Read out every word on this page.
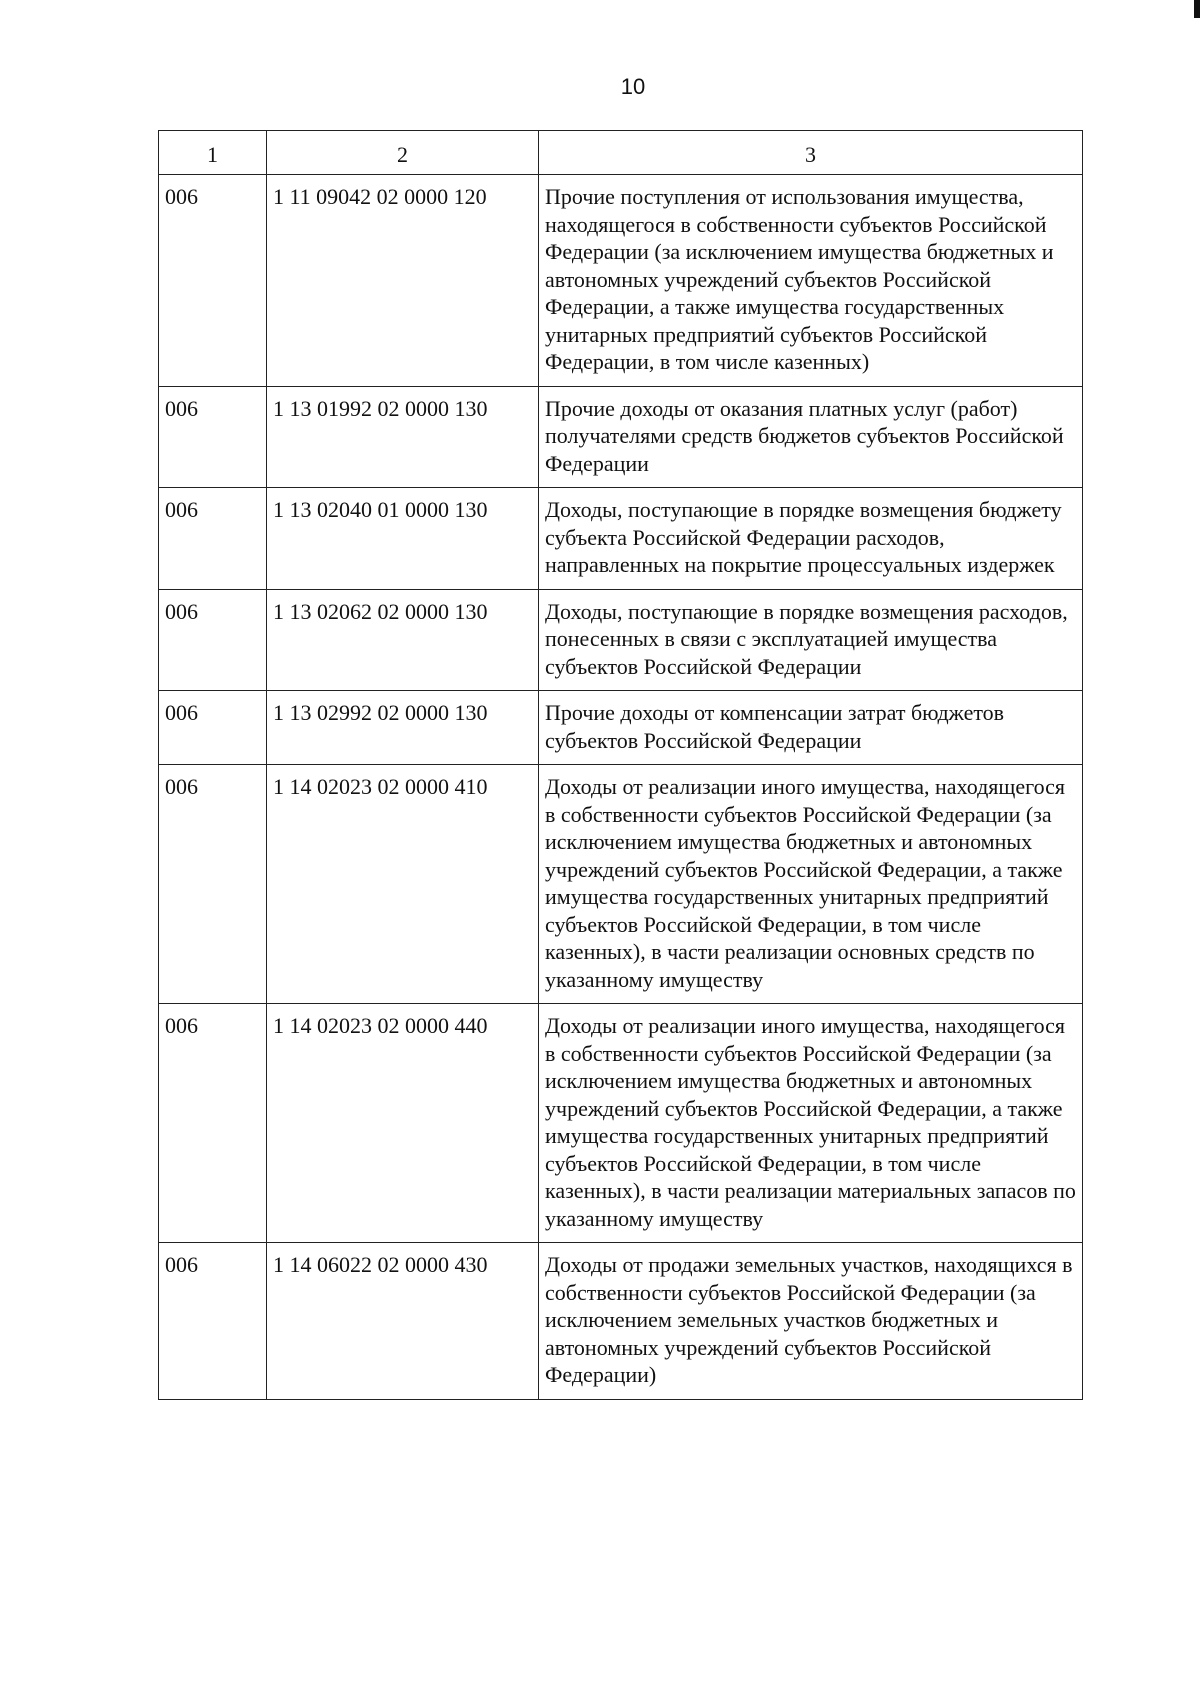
10
1	2	3
006	1 11 09042 02 0000 120	Прочие поступления от использования имущества, находящегося в собственности субъектов Российской Федерации (за исключением имущества бюджетных и автономных учреждений субъектов Российской Федерации, а также имущества государственных унитарных предприятий субъектов Российской Федерации, в том числе казенных)
006	1 13 01992 02 0000 130	Прочие доходы от оказания платных услуг (работ) получателями средств бюджетов субъектов Российской Федерации
006	1 13 02040 01 0000 130	Доходы, поступающие в порядке возмещения бюджету субъекта Российской Федерации расходов, направленных на покрытие процессуальных издержек
006	1 13 02062 02 0000 130	Доходы, поступающие в порядке возмещения расходов, понесенных в связи с эксплуатацией имущества субъектов Российской Федерации
006	1 13 02992 02 0000 130	Прочие доходы от компенсации затрат бюджетов субъектов Российской Федерации
006	1 14 02023 02 0000 410	Доходы от реализации иного имущества, находящегося в собственности субъектов Российской Федерации (за исключением имущества бюджетных и автономных учреждений субъектов Российской Федерации, а также имущества государственных унитарных предприятий субъектов Российской Федерации, в том числе казенных), в части реализации основных средств по указанному имуществу
006	1 14 02023 02 0000 440	Доходы от реализации иного имущества, находящегося в собственности субъектов Российской Федерации (за исключением имущества бюджетных и автономных учреждений субъектов Российской Федерации, а также имущества государственных унитарных предприятий субъектов Российской Федерации, в том числе казенных), в части реализации материальных запасов по указанному имуществу
006	1 14 06022 02 0000 430	Доходы от продажи земельных участков, находящихся в собственности субъектов Российской Федерации (за исключением земельных участков бюджетных и автономных учреждений субъектов Российской Федерации)
